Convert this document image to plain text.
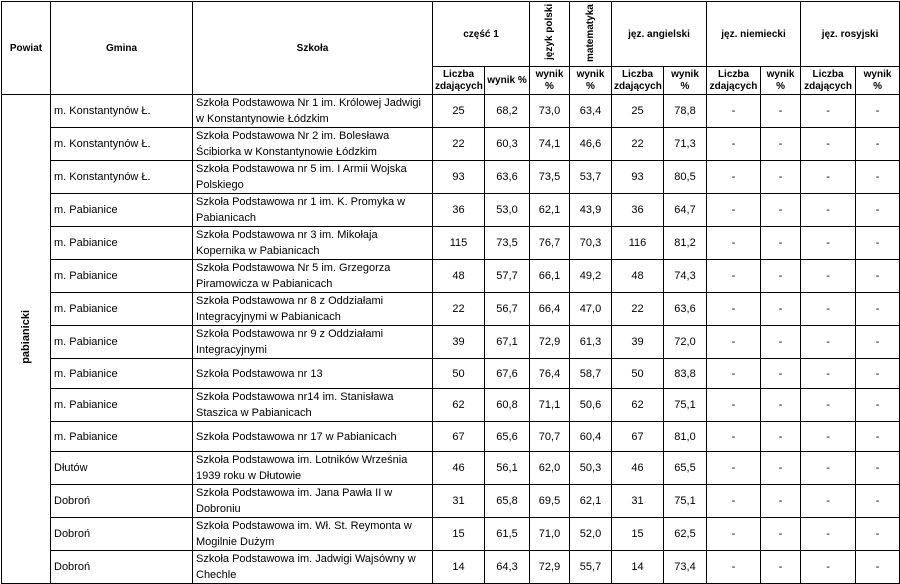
Powiat	Gmina	Szkoła	część 1		język polski	matematyka	jęz. angielski		jęz. niemiecki		jęz. rosyjski	
			Liczba zdających	wynik %	wynik %	wynik %	Liczba zdających	wynik %	Liczba zdających	wynik %	Liczba zdających	wynik %
pabianicki	m. Konstantynów Ł.	Szkoła Podstawowa Nr 1 im. Królowej Jadwigi w Konstantynowie Łódzkim	25	68,2	73,0	63,4	25	78,8	-	-	-	-
	m. Konstantynów Ł.	Szkoła Podstawowa Nr 2 im. Bolesława Ścibiorka w Konstantynowie Łódzkim	22	60,3	74,1	46,6	22	71,3	-	-	-	-
	m. Konstantynów Ł.	Szkoła Podstawowa nr 5 im. I Armii Wojska Polskiego	93	63,6	73,5	53,7	93	80,5	-	-	-	-
	m. Pabianice	Szkoła Podstawowa nr 1 im. K. Promyka w Pabianicach	36	53,0	62,1	43,9	36	64,7	-	-	-	-
	m. Pabianice	Szkoła Podstawowa nr 3 im. Mikołaja Kopernika w Pabianicach	115	73,5	76,7	70,3	116	81,2	-	-	-	-
	m. Pabianice	Szkoła Podstawowa Nr 5 im. Grzegorza Piramowicza w Pabianicach	48	57,7	66,1	49,2	48	74,3	-	-	-	-
	m. Pabianice	Szkoła Podstawowa nr 8 z Oddziałami Integracyjnymi w Pabianicach	22	56,7	66,4	47,0	22	63,6	-	-	-	-
	m. Pabianice	Szkoła Podstawowa nr 9 z Oddziałami Integracyjnymi	39	67,1	72,9	61,3	39	72,0	-	-	-	-
	m. Pabianice	Szkoła Podstawowa nr 13	50	67,6	76,4	58,7	50	83,8	-	-	-	-
	m. Pabianice	Szkoła Podstawowa nr14 im. Stanisława Staszica w Pabianicach	62	60,8	71,1	50,6	62	75,1	-	-	-	-
	m. Pabianice	Szkoła Podstawowa nr 17 w Pabianicach	67	65,6	70,7	60,4	67	81,0	-	-	-	-
	Dłutów	Szkoła Podstawowa im. Lotników Września 1939 roku w Dłutowie	46	56,1	62,0	50,3	46	65,5	-	-	-	-
	Dobroń	Szkoła Podstawowa im. Jana Pawła II w Dobroniu	31	65,8	69,5	62,1	31	75,1	-	-	-	-
	Dobroń	Szkoła Podstawowa im. Wł. St. Reymonta w Mogilnie Dużym	15	61,5	71,0	52,0	15	62,5	-	-	-	-
	Dobroń	Szkoła Podstawowa im. Jadwigi Wajsówny w Chechle	14	64,3	72,9	55,7	14	73,4	-	-	-	-
